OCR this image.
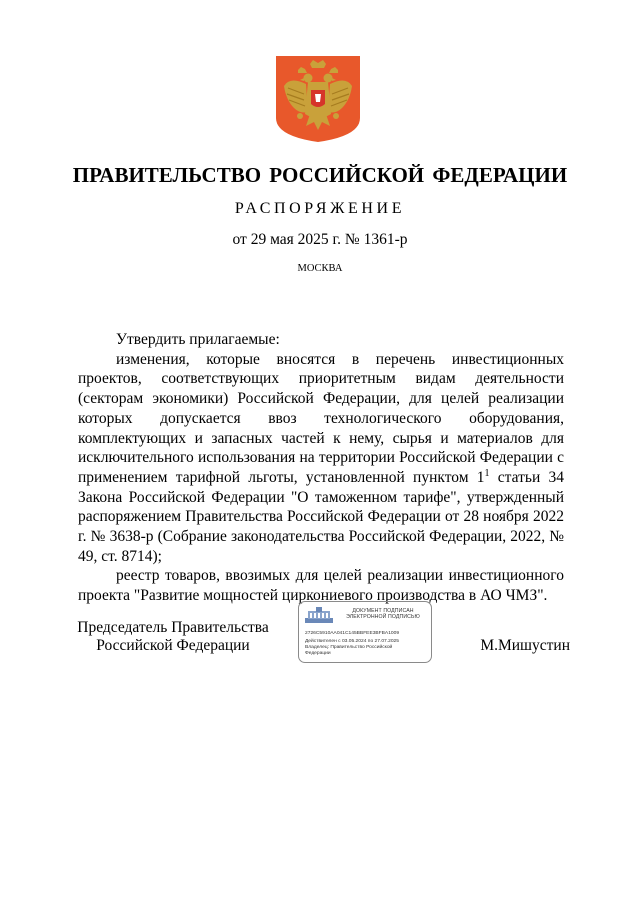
ПРАВИТЕЛЬСТВО РОССИЙСКОЙ ФЕДЕРАЦИИ
РАСПОРЯЖЕНИЕ
от 29 мая 2025 г. № 1361-р
МОСКВА

Утвердить прилагаемые:

изменения, которые вносятся в перечень инвестиционных проектов, соответствующих приоритетным видам деятельности (секторам экономики) Российской Федерации, для целей реализации которых допускается ввоз технологического оборудования, комплектующих и запасных частей к нему, сырья и материалов для исключительного использования на территории Российской Федерации с применением тарифной льготы, установленной пунктом $1^1$ статьи 34 Закона Российской Федерации "О таможенном тарифе", утвержденный распоряжением Правительства Российской Федерации от 28 ноября 2022 г. № 3638-р (Собрание законодательства Российской Федерации, 2022, № 49, ст. 8714);

реестр товаров, ввозимых для целей реализации инвестиционного проекта "Развитие мощностей циркониевого производства в АО ЧМЗ".

Председатель Правительства
Российской Федерации
ДОКУМЕНТ ПОДПИСАН
ЭЛЕКТРОННОЙ ПОДПИСЬЮ
2726C5910AA041C145BBFEE3BFBA1009
Действителен с 03.05.2024 по 27.07.2025
Владелец: Правительство Российской
Федерации	М.Мишустин
